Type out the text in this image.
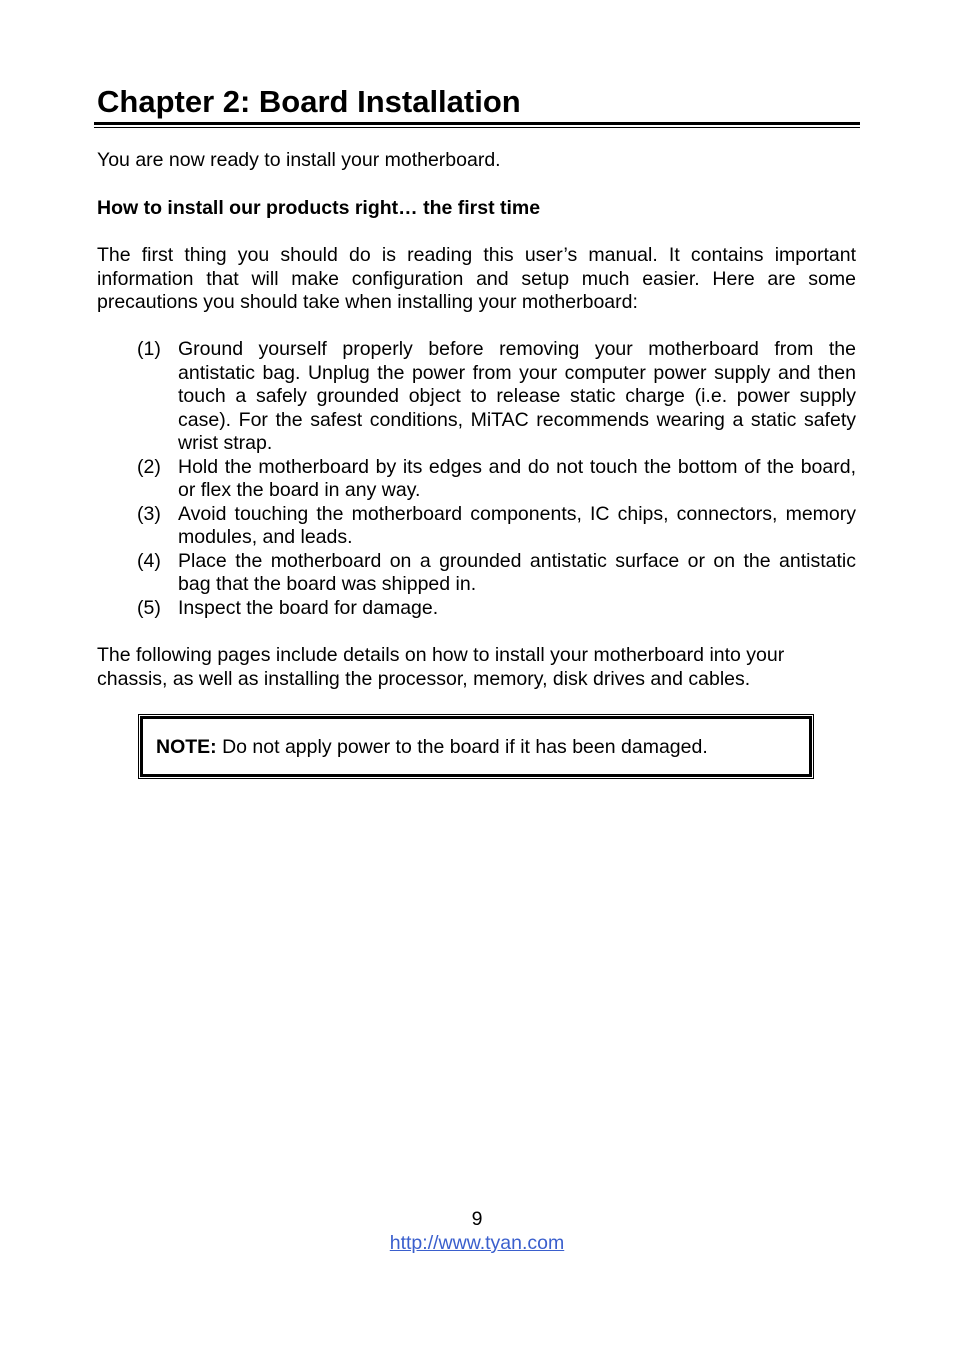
Chapter 2: Board Installation

You are now ready to install your motherboard.

How to install our products right… the first time

The first thing you should do is reading this user’s manual. It contains important information that will make configuration and setup much easier. Here are some precautions you should take when installing your motherboard:

(1) Ground yourself properly before removing your motherboard from the antistatic bag. Unplug the power from your computer power supply and then touch a safely grounded object to release static charge (i.e. power supply case). For the safest conditions, MiTAC recommends wearing a static safety wrist strap.
(2) Hold the motherboard by its edges and do not touch the bottom of the board, or flex the board in any way.
(3) Avoid touching the motherboard components, IC chips, connectors, memory modules, and leads.
(4) Place the motherboard on a grounded antistatic surface or on the antistatic bag that the board was shipped in.
(5) Inspect the board for damage.

The following pages include details on how to install your motherboard into your chassis, as well as installing the processor, memory, disk drives and cables.

NOTE: Do not apply power to the board if it has been damaged.
9
http://www.tyan.com
